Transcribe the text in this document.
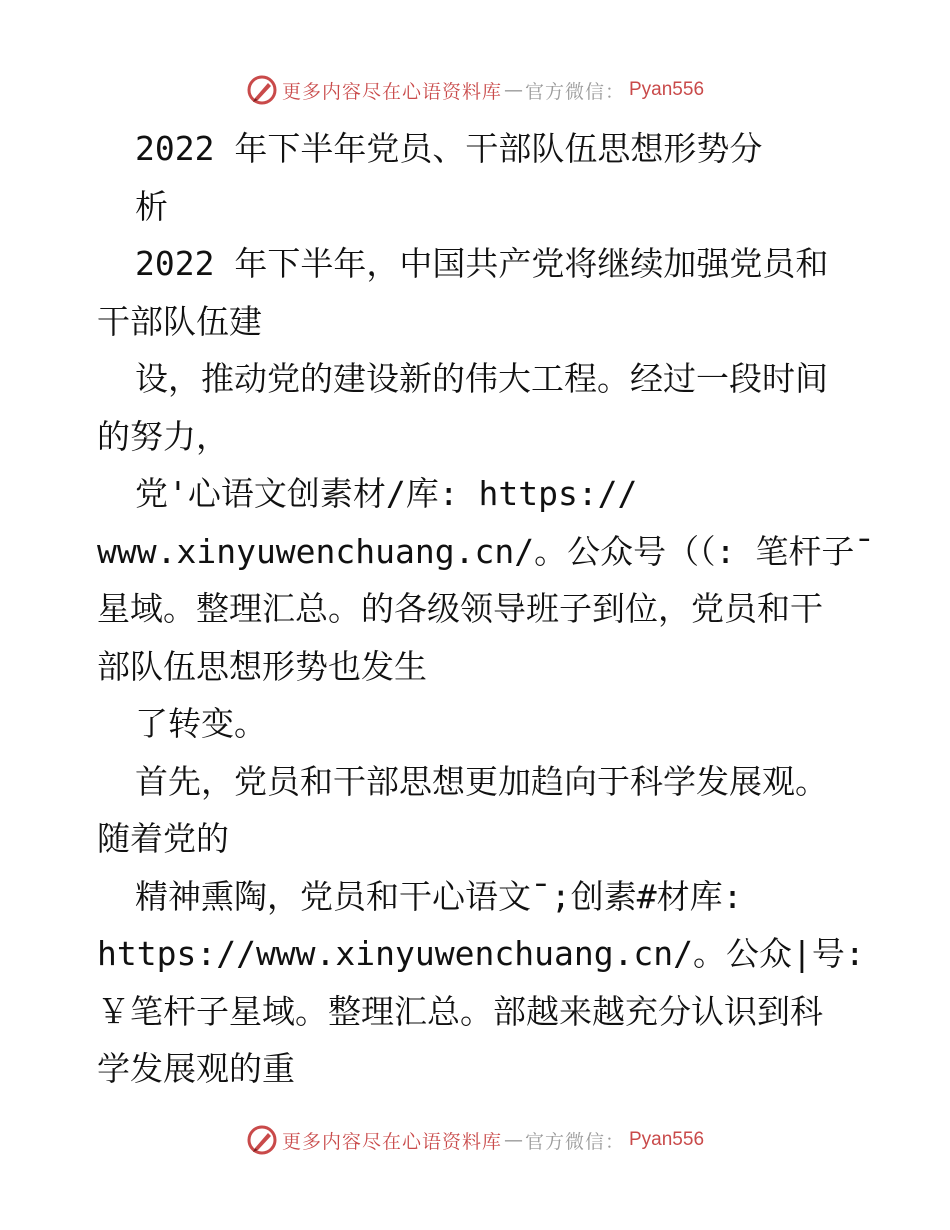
更多内容尽在心语资料库 — 官方微信： Pyan556
2022 年下半年党员、干部队伍思想形势分
析
2022 年下半年，中国共产党将继续加强党员和
干部队伍建
设，推动党的建设新的伟大工程。经过一段时间
的努力，
党'心语文创素材/库: https://
www.xinyuwenchuang.cn/。公众号（（: 笔杆子¯
星域。整理汇总。的各级领导班子到位，党员和干
部队伍思想形势也发生
了转变。
首先，党员和干部思想更加趋向于科学发展观。
随着党的
精神熏陶，党员和干心语文¯;创素#材库:
https://www.xinyuwenchuang.cn/。公众|号:
￥笔杆子星域。整理汇总。部越来越充分认识到科
学发展观的重
更多内容尽在心语资料库 — 官方微信： Pyan556
